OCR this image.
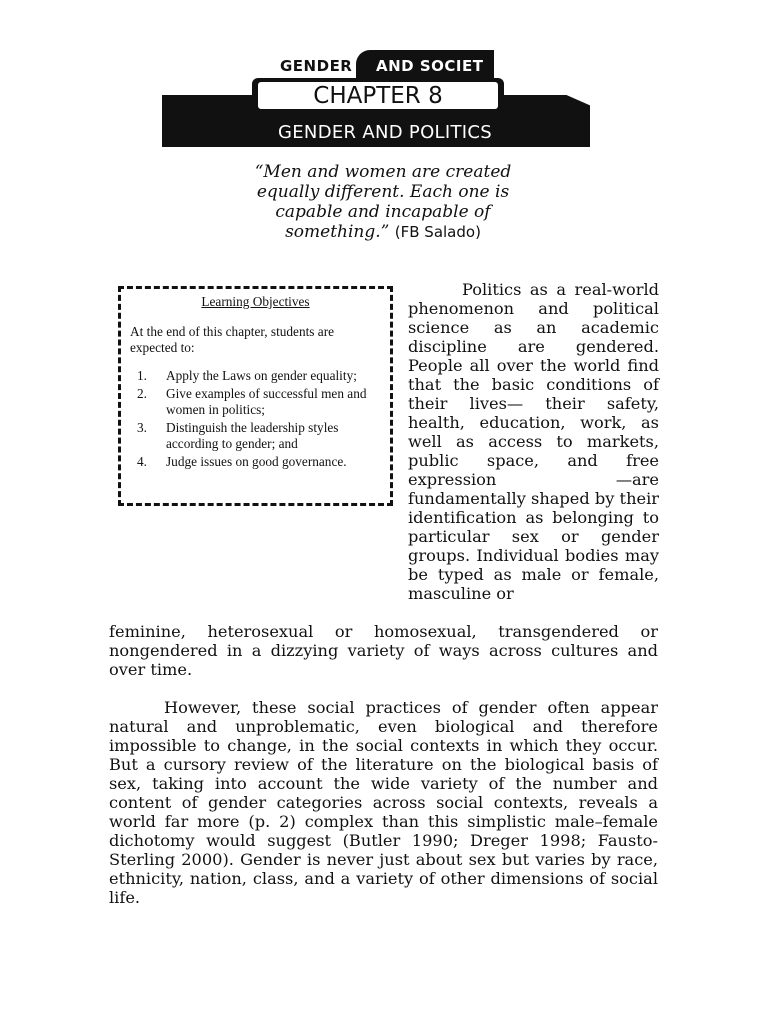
GENDER	AND SOCIET
CHAPTER 8
GENDER AND POLITICS
“Men and women are created equally different. Each one is capable and incapable of something.” (FB Salado)
Learning Objectives
At the end of this chapter, students are expected to:
1.	Apply the Laws on gender equality;
2.	Give examples of successful men and women in politics;
3.	Distinguish the leadership styles according to gender; and
4.	Judge issues on good governance.

Politics as a real-world phenomenon and political science as an academic discipline are gendered. People all over the world find that the basic conditions of their lives— their safety, health, education, work, as well as access to markets, public space, and free expression —are fundamentally shaped by their identification as belonging to particular sex or gender groups. Individual bodies may be typed as male or female, masculine or

feminine, heterosexual or homosexual, transgendered or nongendered in a dizzying variety of ways across cultures and over time.

However, these social practices of gender often appear natural and unproblematic, even biological and therefore impossible to change, in the social contexts in which they occur. But a cursory review of the literature on the biological basis of sex, taking into account the wide variety of the number and content of gender categories across social contexts, reveals a world far more (p. 2) complex than this simplistic male–female dichotomy would suggest (Butler 1990; Dreger 1998; Fausto-Sterling 2000). Gender is never just about sex but varies by race, ethnicity, nation, class, and a variety of other dimensions of social life.
